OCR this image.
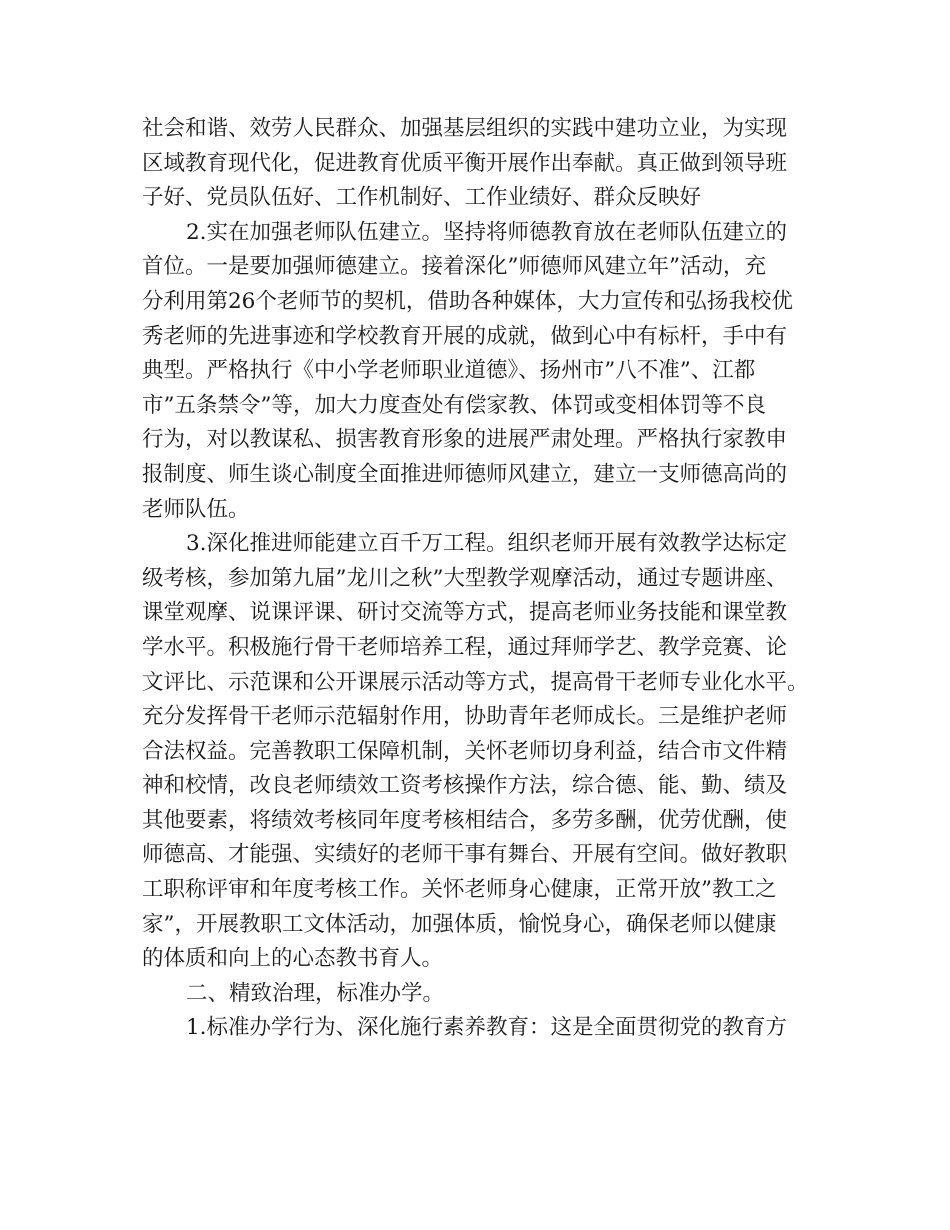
社会和谐、效劳人民群众、加强基层组织的实践中建功立业，为实现
区域教育现代化，促进教育优质平衡开展作出奉献。真正做到领导班
子好、党员队伍好、工作机制好、工作业绩好、群众反映好
2.实在加强老师队伍建立。坚持将师德教育放在老师队伍建立的
首位。一是要加强师德建立。接着深化”师德师风建立年”活动，充
分利用第26个老师节的契机，借助各种媒体，大力宣传和弘扬我校优
秀老师的先进事迹和学校教育开展的成就，做到心中有标杆，手中有
典型。严格执行《中小学老师职业道德》、扬州市”八不准”、江都
市”五条禁令”等，加大力度查处有偿家教、体罚或变相体罚等不良
行为，对以教谋私、损害教育形象的进展严肃处理。严格执行家教申
报制度、师生谈心制度全面推进师德师风建立，建立一支师德高尚的
老师队伍。
3.深化推进师能建立百千万工程。组织老师开展有效教学达标定
级考核，参加第九届”龙川之秋”大型教学观摩活动，通过专题讲座、
课堂观摩、说课评课、研讨交流等方式，提高老师业务技能和课堂教
学水平。积极施行骨干老师培养工程，通过拜师学艺、教学竞赛、论
文评比、示范课和公开课展示活动等方式，提高骨干老师专业化水平。
充分发挥骨干老师示范辐射作用，协助青年老师成长。三是维护老师
合法权益。完善教职工保障机制，关怀老师切身利益，结合市文件精
神和校情，改良老师绩效工资考核操作方法，综合德、能、勤、绩及
其他要素，将绩效考核同年度考核相结合，多劳多酬，优劳优酬，使
师德高、才能强、实绩好的老师干事有舞台、开展有空间。做好教职
工职称评审和年度考核工作。关怀老师身心健康，正常开放”教工之
家”，开展教职工文体活动，加强体质，愉悦身心，确保老师以健康
的体质和向上的心态教书育人。
二、精致治理，标准办学。
1.标准办学行为、深化施行素养教育：这是全面贯彻党的教育方
